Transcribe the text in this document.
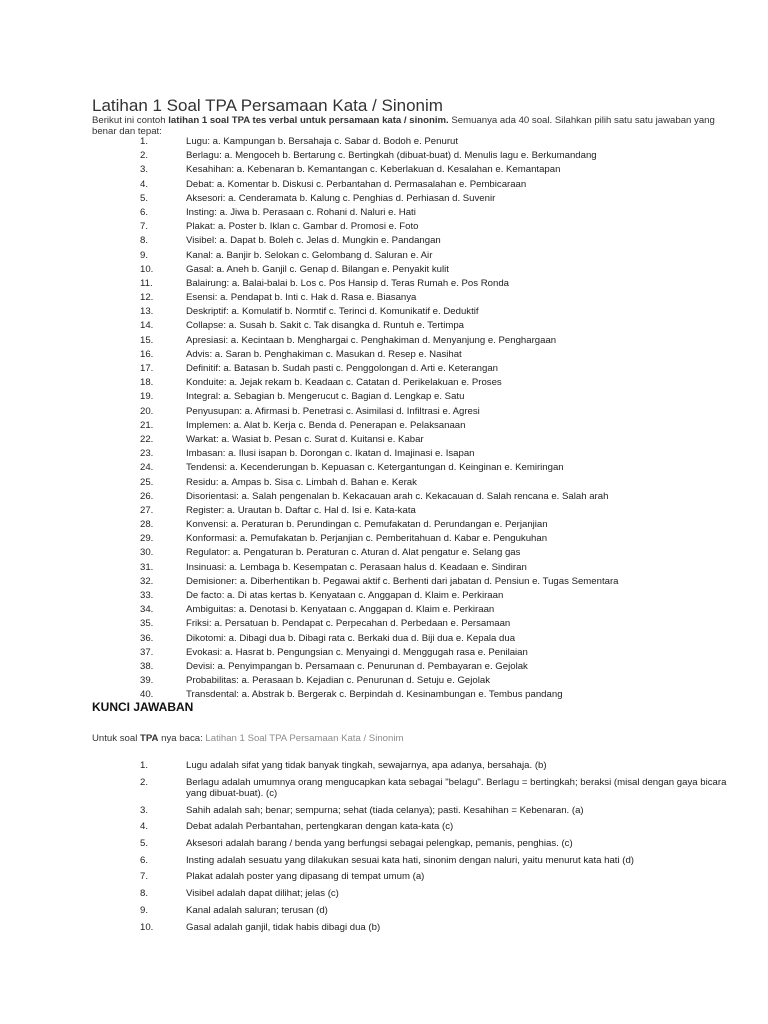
Latihan 1 Soal TPA Persamaan Kata / Sinonim

Berikut ini contoh latihan 1 soal TPA tes verbal untuk persamaan kata / sinonim. Semuanya ada 40 soal. Silahkan pilih satu satu jawaban yang benar dan tepat:

1.	Lugu: a. Kampungan b. Bersahaja c. Sabar d. Bodoh e. Penurut
2.	Berlagu: a. Mengoceh b. Bertarung c. Bertingkah (dibuat-buat) d. Menulis lagu e. Berkumandang
3.	Kesahihan: a. Kebenaran b. Kemantangan c. Keberlakuan d. Kesalahan e. Kemantapan
4.	Debat: a. Komentar b. Diskusi c. Perbantahan d. Permasalahan e. Pembicaraan
5.	Aksesori: a. Cenderamata b. Kalung c. Penghias d. Perhiasan d. Suvenir
6.	Insting: a. Jiwa b. Perasaan c. Rohani d. Naluri e. Hati
7.	Plakat: a. Poster b. Iklan c. Gambar d. Promosi e. Foto
8.	Visibel: a. Dapat b. Boleh c. Jelas d. Mungkin e. Pandangan
9.	Kanal: a. Banjir b. Selokan c. Gelombang d. Saluran e. Air
10.	Gasal: a. Aneh b. Ganjil c. Genap d. Bilangan e. Penyakit kulit
11.	Balairung: a. Balai-balai b. Los c. Pos Hansip d. Teras Rumah e. Pos Ronda
12.	Esensi: a. Pendapat b. Inti c. Hak d. Rasa e. Biasanya
13.	Deskriptif: a. Komulatif b. Normtif c. Terinci d. Komunikatif e. Deduktif
14.	Collapse: a. Susah b. Sakit c. Tak disangka d. Runtuh e. Tertimpa
15.	Apresiasi: a. Kecintaan b. Menghargai c. Penghakiman d. Menyanjung e. Penghargaan
16.	Advis: a. Saran b. Penghakiman c. Masukan d. Resep e. Nasihat
17.	Definitif: a. Batasan b. Sudah pasti c. Penggolongan d. Arti e. Keterangan
18.	Konduite: a. Jejak rekam b. Keadaan c. Catatan d. Perikelakuan e. Proses
19.	Integral: a. Sebagian b. Mengerucut c. Bagian d. Lengkap e. Satu
20.	Penyusupan: a. Afirmasi b. Penetrasi c. Asimilasi d. Infiltrasi e. Agresi
21.	Implemen: a. Alat b. Kerja c. Benda d. Penerapan e. Pelaksanaan
22.	Warkat: a. Wasiat b. Pesan c. Surat d. Kuitansi e. Kabar
23.	Imbasan: a. Ilusi isapan b. Dorongan c. Ikatan d. Imajinasi e. Isapan
24.	Tendensi: a. Kecenderungan b. Kepuasan c. Ketergantungan d. Keinginan e. Kemiringan
25.	Residu: a. Ampas b. Sisa c. Limbah d. Bahan e. Kerak
26.	Disorientasi: a. Salah pengenalan b. Kekacauan arah c. Kekacauan d. Salah rencana e. Salah arah
27.	Register: a. Urautan b. Daftar c. Hal d. Isi e. Kata-kata
28.	Konvensi: a. Peraturan b. Perundingan c. Pemufakatan d. Perundangan e. Perjanjian
29.	Konformasi: a. Pemufakatan b. Perjanjian c. Pemberitahuan d. Kabar e. Pengukuhan
30.	Regulator: a. Pengaturan b. Peraturan c. Aturan d. Alat pengatur e. Selang gas
31.	Insinuasi: a. Lembaga b. Kesempatan c. Perasaan halus d. Keadaan e. Sindiran
32.	Demisioner: a. Diberhentikan b. Pegawai aktif c. Berhenti dari jabatan d. Pensiun e. Tugas Sementara
33.	De facto: a. Di atas kertas b. Kenyataan c. Anggapan d. Klaim e. Perkiraan
34.	Ambiguitas: a. Denotasi b. Kenyataan c. Anggapan d. Klaim e. Perkiraan
35.	Friksi: a. Persatuan b. Pendapat c. Perpecahan d. Perbedaan e. Persamaan
36.	Dikotomi: a. Dibagi dua b. Dibagi rata c. Berkaki dua d. Biji dua e. Kepala dua
37.	Evokasi: a. Hasrat b. Pengungsian c. Menyaingi d. Menggugah rasa e. Penilaian
38.	Devisi: a. Penyimpangan b. Persamaan c. Penurunan d. Pembayaran e. Gejolak
39.	Probabilitas: a. Perasaan b. Kejadian c. Penurunan d. Setuju e. Gejolak
40.	Transdental: a. Abstrak b. Bergerak c. Berpindah d. Kesinambungan e. Tembus pandang
KUNCI JAWABAN

Untuk soal TPA nya baca: Latihan 1 Soal TPA Persamaan Kata / Sinonim

1.	Lugu adalah sifat yang tidak banyak tingkah, sewajarnya, apa adanya, bersahaja. (b)
2.	Berlagu adalah umumnya orang mengucapkan kata sebagai "belagu". Berlagu = bertingkah; beraksi (misal dengan gaya bicara yang dibuat-buat). (c)
3.	Sahih adalah sah; benar; sempurna; sehat (tiada celanya); pasti. Kesahihan = Kebenaran. (a)
4.	Debat adalah Perbantahan, pertengkaran dengan kata-kata (c)
5.	Aksesori adalah barang / benda yang berfungsi sebagai pelengkap, pemanis, penghias. (c)
6.	Insting adalah sesuatu yang dilakukan sesuai kata hati, sinonim dengan naluri, yaitu menurut kata hati (d)
7.	Plakat adalah poster yang dipasang di tempat umum (a)
8.	Visibel adalah dapat dilihat; jelas (c)
9.	Kanal adalah saluran; terusan (d)
10.	Gasal adalah ganjil, tidak habis dibagi dua (b)
